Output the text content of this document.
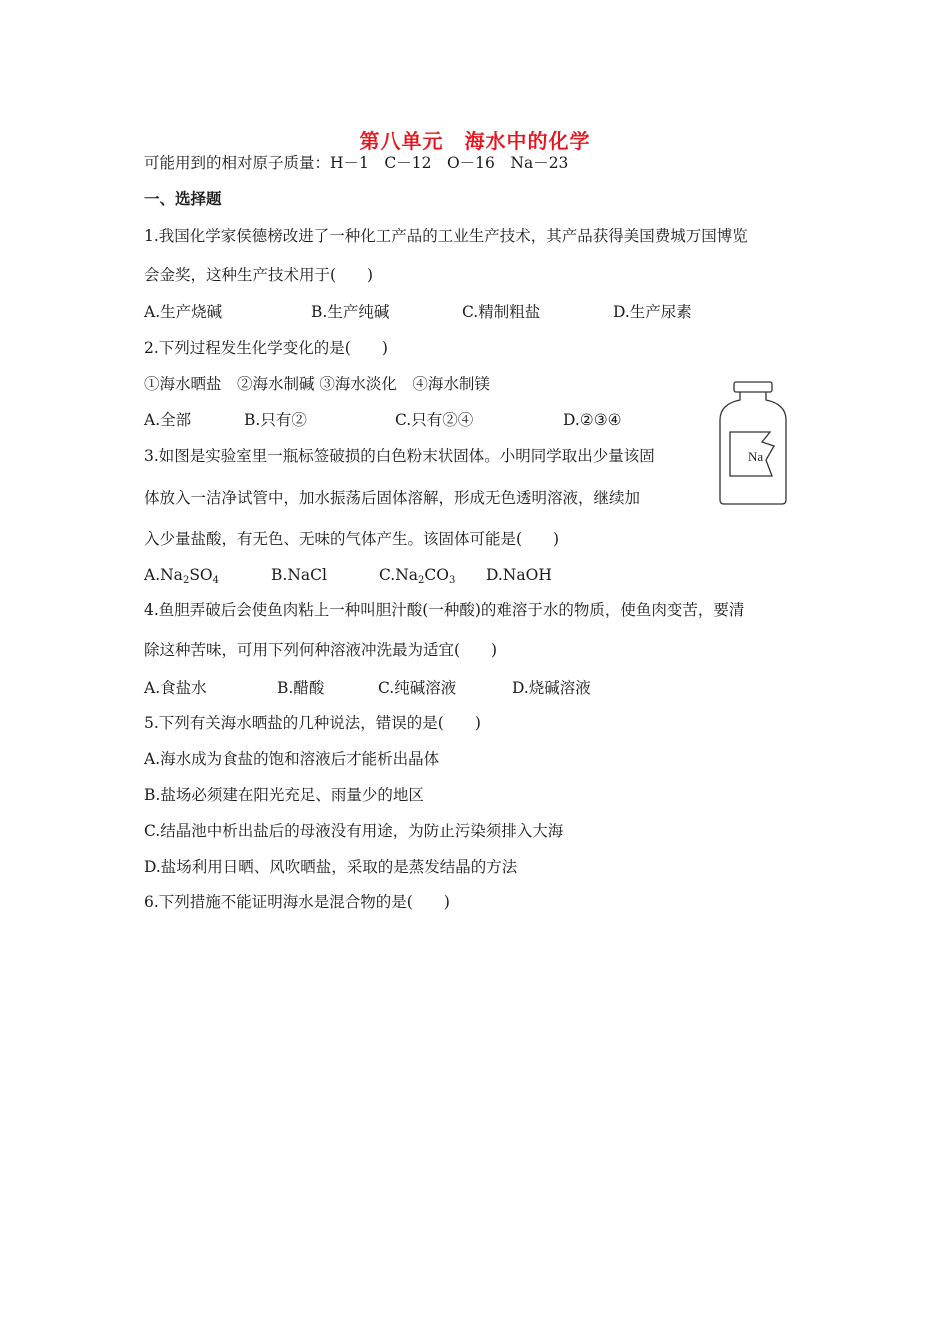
第八单元　海水中的化学
可能用到的相对原子质量：H－1　C－12　O－16　Na－23
一、选择题
1.我国化学家侯德榜改进了一种化工产品的工业生产技术，其产品获得美国费城万国博览
会金奖，这种生产技术用于(　　)
A.生产烧碱	B.生产纯碱	C.精制粗盐	D.生产尿素
2.下列过程发生化学变化的是(　　)
①海水晒盐　②海水制碱 ③海水淡化　④海水制镁
A.全部	B.只有②	C.只有②④	D.②③④
Na
3.如图是实验室里一瓶标签破损的白色粉末状固体。小明同学取出少量该固
体放入一洁净试管中，加水振荡后固体溶解，形成无色透明溶液，继续加
入少量盐酸，有无色、无味的气体产生。该固体可能是(　　)
$A.Na_2SO_4$	B.NaCl	$C.Na_2CO_3$ D.NaOH
4.鱼胆弄破后会使鱼肉粘上一种叫胆汁酸(一种酸)的难溶于水的物质，使鱼肉变苦，要清
除这种苦味，可用下列何种溶液冲洗最为适宜(　　)
A.食盐水	B.醋酸	C.纯碱溶液	D.烧碱溶液
5.下列有关海水晒盐的几种说法，错误的是(　　)
A.海水成为食盐的饱和溶液后才能析出晶体
B.盐场必须建在阳光充足、雨量少的地区
C.结晶池中析出盐后的母液没有用途，为防止污染须排入大海
D.盐场利用日晒、风吹晒盐，采取的是蒸发结晶的方法
6.下列措施不能证明海水是混合物的是(　　)
